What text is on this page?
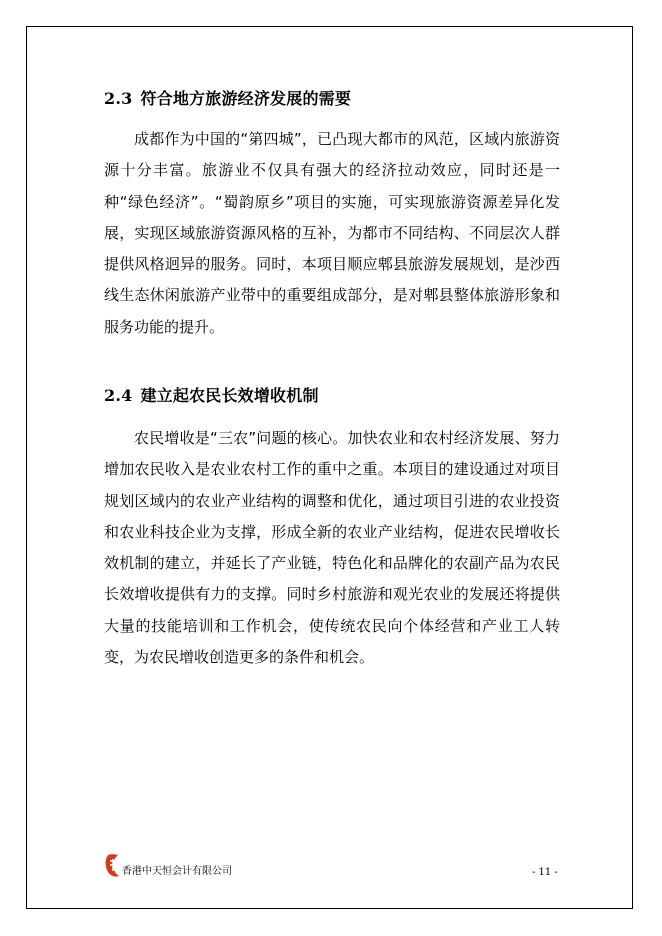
2.3 符合地方旅游经济发展的需要

成都作为中国的“第四城”，已凸现大都市的风范，区域内旅游资源十分丰富。旅游业不仅具有强大的经济拉动效应，同时还是一种“绿色经济”。“蜀韵原乡”项目的实施，可实现旅游资源差异化发展，实现区域旅游资源风格的互补，为都市不同结构、不同层次人群提供风格迥异的服务。同时，本项目顺应郫县旅游发展规划，是沙西线生态休闲旅游产业带中的重要组成部分，是对郫县整体旅游形象和服务功能的提升。

2.4 建立起农民长效增收机制

农民增收是“三农”问题的核心。加快农业和农村经济发展、努力增加农民收入是农业农村工作的重中之重。本项目的建设通过对项目规划区域内的农业产业结构的调整和优化，通过项目引进的农业投资和农业科技企业为支撑，形成全新的农业产业结构，促进农民增收长效机制的建立，并延长了产业链，特色化和品牌化的农副产品为农民长效增收提供有力的支撑。同时乡村旅游和观光农业的发展还将提供大量的技能培训和工作机会，使传统农民向个体经营和产业工人转变，为农民增收创造更多的条件和机会。

香港中天恒会计有限公司	- 11 -
